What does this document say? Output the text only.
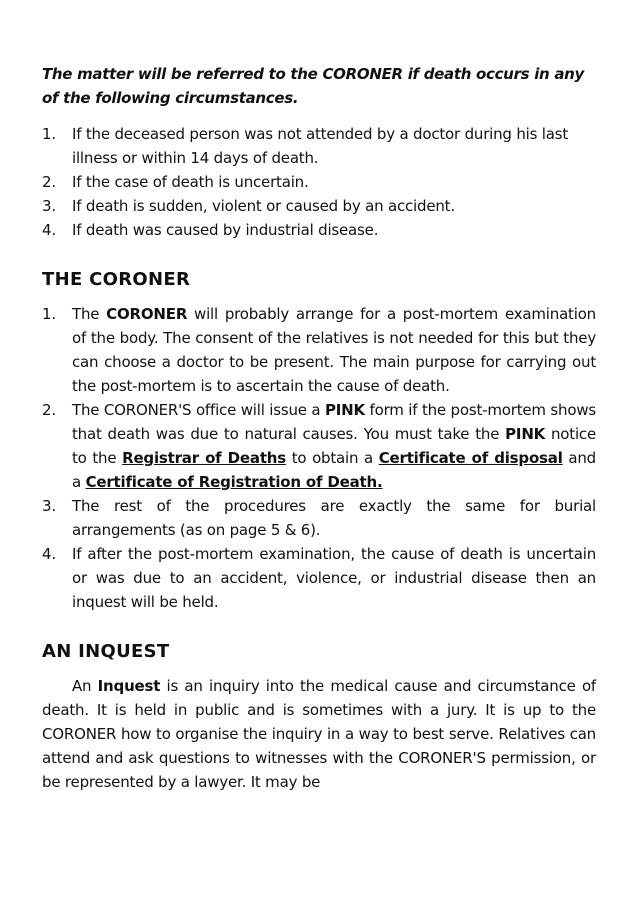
The matter will be referred to the CORONER if death occurs in any of the following circumstances.

1. If the deceased person was not attended by a doctor during his last illness or within 14 days of death.
2. If the case of death is uncertain.
3. If death is sudden, violent or caused by an accident.
4. If death was caused by industrial disease.
THE CORONER
1. The CORONER will probably arrange for a post-mortem examination of the body. The consent of the relatives is not needed for this but they can choose a doctor to be present. The main purpose for carrying out the post-mortem is to ascertain the cause of death.
2. The CORONER'S office will issue a PINK form if the post-mortem shows that death was due to natural causes. You must take the PINK notice to the Registrar of Deaths to obtain a Certificate of disposal and a Certificate of Registration of Death.
3. The rest of the procedures are exactly the same for burial arrangements (as on page 5 & 6).
4. If after the post-mortem examination, the cause of death is uncertain or was due to an accident, violence, or industrial disease then an inquest will be held.
AN INQUEST

An Inquest is an inquiry into the medical cause and circumstance of death. It is held in public and is sometimes with a jury. It is up to the CORONER how to organise the inquiry in a way to best serve. Relatives can attend and ask questions to witnesses with the CORONER'S permission, or be represented by a lawyer. It may be
